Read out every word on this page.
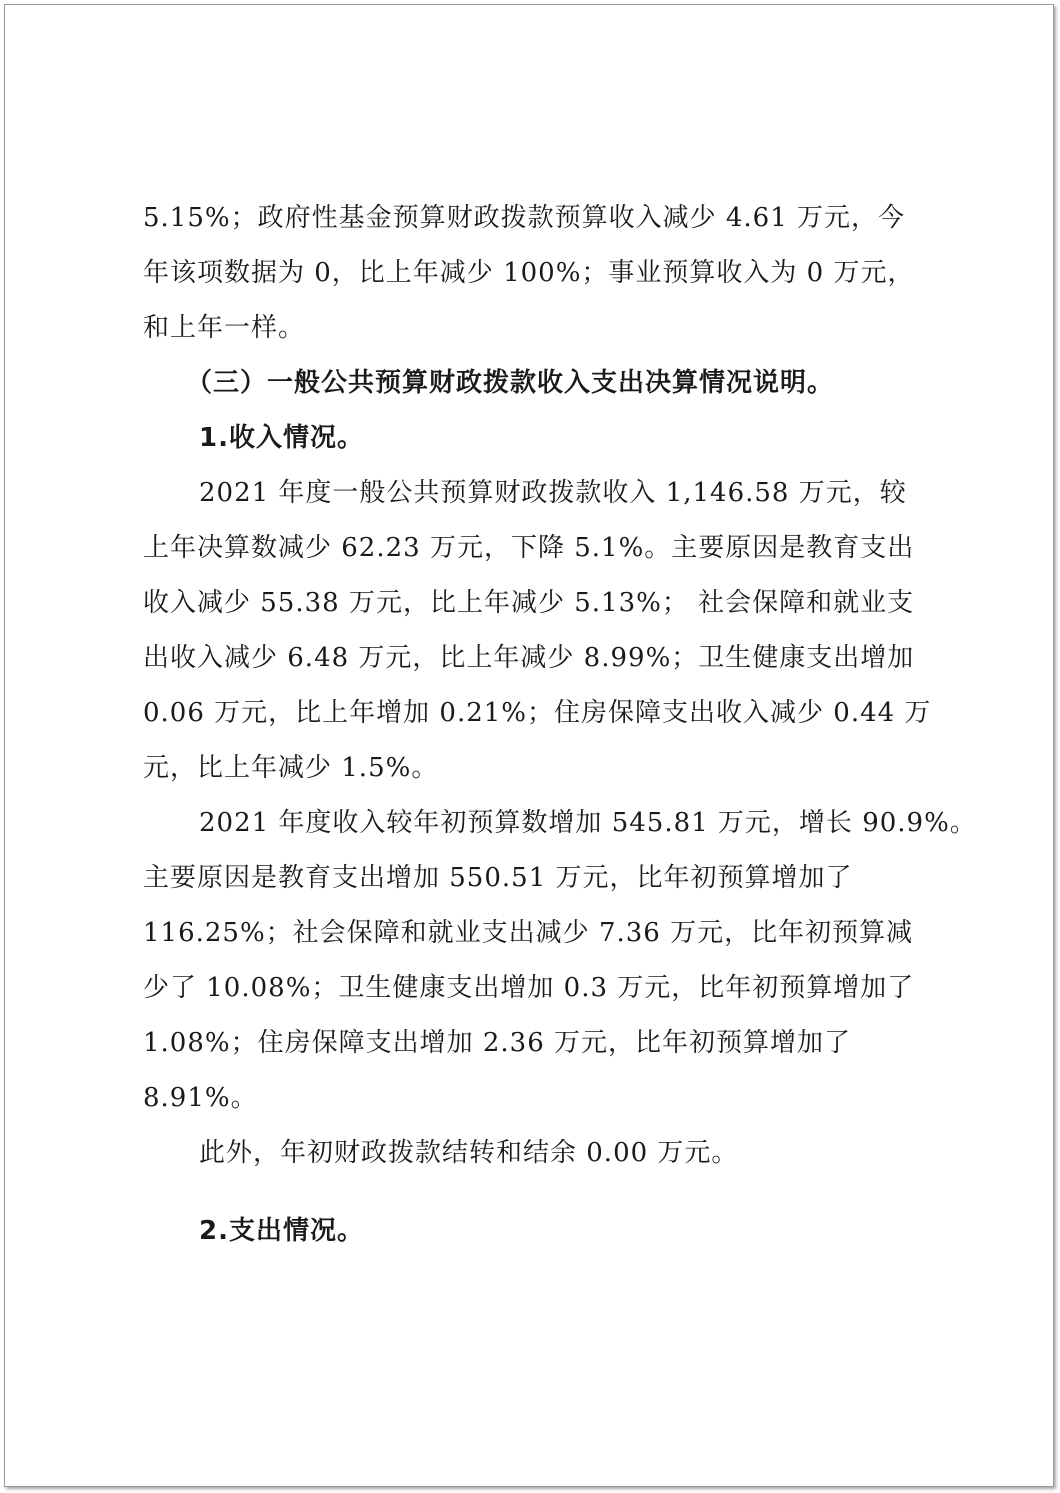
5.15%；政府性基金预算财政拨款预算收入减少 4.61 万元，今
年该项数据为 0，比上年减少 100%；事业预算收入为 0 万元，
和上年一样。
（三）一般公共预算财政拨款收入支出决算情况说明。
1.收入情况。
2021 年度一般公共预算财政拨款收入 1,146.58 万元，较
上年决算数减少 62.23 万元，下降 5.1%。主要原因是教育支出
收入减少 55.38 万元，比上年减少 5.13%； 社会保障和就业支
出收入减少 6.48 万元，比上年减少 8.99%；卫生健康支出增加
0.06 万元，比上年增加 0.21%；住房保障支出收入减少 0.44 万
元，比上年减少 1.5%。
2021 年度收入较年初预算数增加 545.81 万元，增长 90.9%。
主要原因是教育支出增加 550.51 万元，比年初预算增加了
116.25%；社会保障和就业支出减少 7.36 万元，比年初预算减
少了 10.08%；卫生健康支出增加 0.3 万元，比年初预算增加了
1.08%；住房保障支出增加 2.36 万元，比年初预算增加了
8.91%。
此外，年初财政拨款结转和结余 0.00 万元。
2.支出情况。
